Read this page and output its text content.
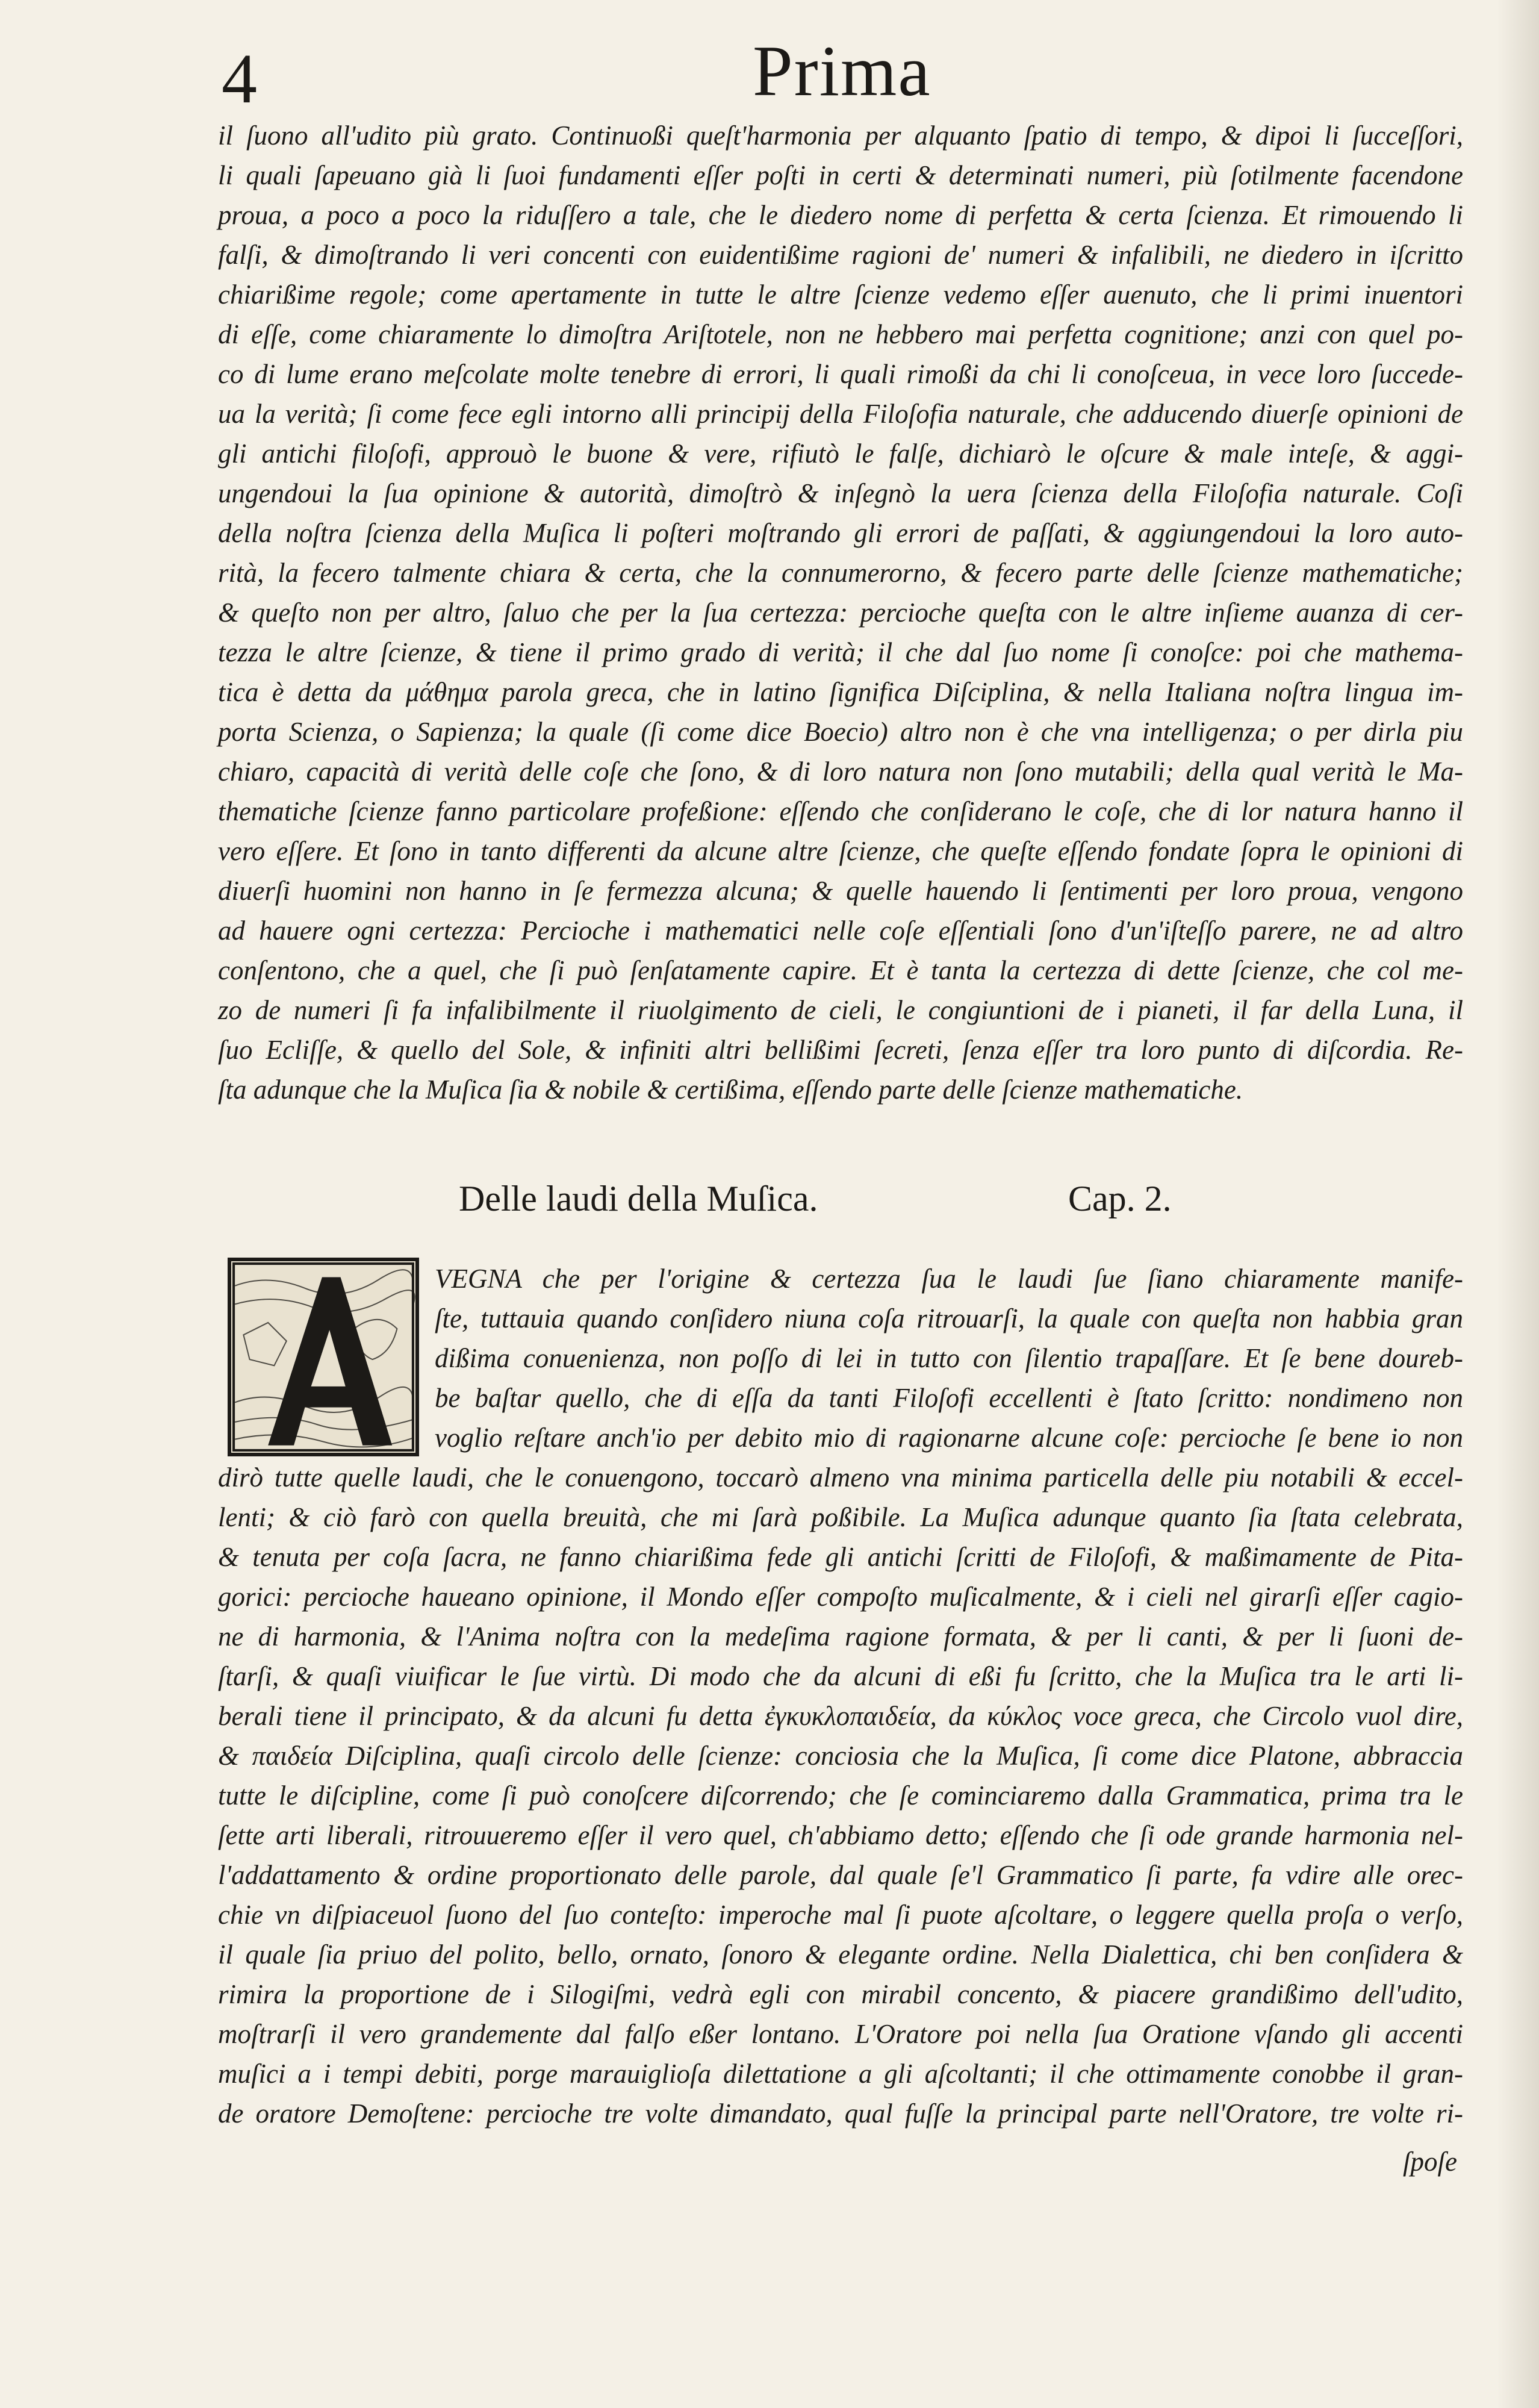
4	Prima
il ſuono all'udito più grato. Continuoßi queſt'harmonia per alquanto ſpatio di tempo, & dipoi li ſucceſſori,
li quali ſapeuano già li ſuoi fundamenti eſſer poſti in certi & determinati numeri, più ſotilmente facendone
proua, a poco a poco la riduſſero a tale, che le diedero nome di perfetta & certa ſcienza. Et rimouendo li
falſi, & dimoſtrando li veri concenti con euidentißime ragioni de' numeri & infalibili, ne diedero in iſcritto
chiarißime regole; come apertamente in tutte le altre ſcienze vedemo eſſer auenuto, che li primi inuentori
di eſſe, come chiaramente lo dimoſtra Ariſtotele, non ne hebbero mai perfetta cognitione; anzi con quel po-
co di lume erano meſcolate molte tenebre di errori, li quali rimoßi da chi li conoſceua, in vece loro ſuccede-
ua la verità; ſi come fece egli intorno alli principij della Filoſofia naturale, che adducendo diuerſe opinioni de
gli antichi filoſofi, approuò le buone & vere, rifiutò le falſe, dichiarò le oſcure & male inteſe, & aggi-
ungendoui la ſua opinione & autorità, dimoſtrò & inſegnò la uera ſcienza della Filoſofia naturale. Coſi
della noſtra ſcienza della Muſica li poſteri moſtrando gli errori de paſſati, & aggiungendoui la loro auto-
rità, la fecero talmente chiara & certa, che la connumerorno, & fecero parte delle ſcienze mathematiche;
& queſto non per altro, ſaluo che per la ſua certezza: percioche queſta con le altre inſieme auanza di cer-
tezza le altre ſcienze, & tiene il primo grado di verità; il che dal ſuo nome ſi conoſce: poi che mathema-
tica è detta da μάθημα parola greca, che in latino ſignifica Diſciplina, & nella Italiana noſtra lingua im-
porta Scienza, o Sapienza; la quale (ſi come dice Boecio) altro non è che vna intelligenza; o per dirla piu
chiaro, capacità di verità delle coſe che ſono, & di loro natura non ſono mutabili; della qual verità le Ma-
thematiche ſcienze fanno particolare profeßione: eſſendo che conſiderano le coſe, che di lor natura hanno il
vero eſſere. Et ſono in tanto differenti da alcune altre ſcienze, che queſte eſſendo fondate ſopra le opinioni di
diuerſi huomini non hanno in ſe fermezza alcuna; & quelle hauendo li ſentimenti per loro proua, vengono
ad hauere ogni certezza: Percioche i mathematici nelle coſe eſſentiali ſono d'un'iſteſſo parere, ne ad altro
conſentono, che a quel, che ſi può ſenſatamente capire. Et è tanta la certezza di dette ſcienze, che col me-
zo de numeri ſi fa infalibilmente il riuolgimento de cieli, le congiuntioni de i pianeti, il far della Luna, il
ſuo Ecliſſe, & quello del Sole, & infiniti altri bellißimi ſecreti, ſenza eſſer tra loro punto di diſcordia. Re-
ſta adunque che la Muſica ſia & nobile & certißima, eſſendo parte delle ſcienze mathematiche.
Delle laudi della Muſica.	Cap. 2.
VEGNA che per l'origine & certezza ſua le laudi ſue ſiano chiaramente manife-
ſte, tuttauia quando conſidero niuna coſa ritrouarſi, la quale con queſta non habbia gran
dißima conuenienza, non poſſo di lei in tutto con ſilentio trapaſſare. Et ſe bene doureb-
be baſtar quello, che di eſſa da tanti Filoſofi eccellenti è ſtato ſcritto: nondimeno non
voglio reſtare anch'io per debito mio di ragionarne alcune coſe: percioche ſe bene io non
dirò tutte quelle laudi, che le conuengono, toccarò almeno vna minima particella delle piu notabili & eccel-
lenti; & ciò farò con quella breuità, che mi ſarà poßibile. La Muſica adunque quanto ſia ſtata celebrata,
& tenuta per coſa ſacra, ne fanno chiarißima fede gli antichi ſcritti de Filoſofi, & maßimamente de Pita-
gorici: percioche haueano opinione, il Mondo eſſer compoſto muſicalmente, & i cieli nel girarſi eſſer cagio-
ne di harmonia, & l'Anima noſtra con la medeſima ragione formata, & per li canti, & per li ſuoni de-
ſtarſi, & quaſi viuificar le ſue virtù. Di modo che da alcuni di eßi fu ſcritto, che la Muſica tra le arti li-
berali tiene il principato, & da alcuni fu detta ἐγκυκλοπαιδεία, da κύκλος voce greca, che Circolo vuol dire,
& παιδεία Diſciplina, quaſi circolo delle ſcienze: conciosia che la Muſica, ſi come dice Platone, abbraccia
tutte le diſcipline, come ſi può conoſcere diſcorrendo; che ſe cominciaremo dalla Grammatica, prima tra le
ſette arti liberali, ritrouueremo eſſer il vero quel, ch'abbiamo detto; eſſendo che ſi ode grande harmonia nel-
l'addattamento & ordine proportionato delle parole, dal quale ſe'l Grammatico ſi parte, fa vdire alle orec-
chie vn diſpiaceuol ſuono del ſuo conteſto: imperoche mal ſi puote aſcoltare, o leggere quella proſa o verſo,
il quale ſia priuo del polito, bello, ornato, ſonoro & elegante ordine. Nella Dialettica, chi ben conſidera &
rimira la proportione de i Silogiſmi, vedrà egli con mirabil concento, & piacere grandißimo dell'udito,
moſtrarſi il vero grandemente dal falſo eßer lontano. L'Oratore poi nella ſua Oratione vſando gli accenti
muſici a i tempi debiti, porge marauiglioſa dilettatione a gli aſcoltanti; il che ottimamente conobbe il gran-
de oratore Demoſtene: percioche tre volte dimandato, qual fuſſe la principal parte nell'Oratore, tre volte ri-
ſpoſe
